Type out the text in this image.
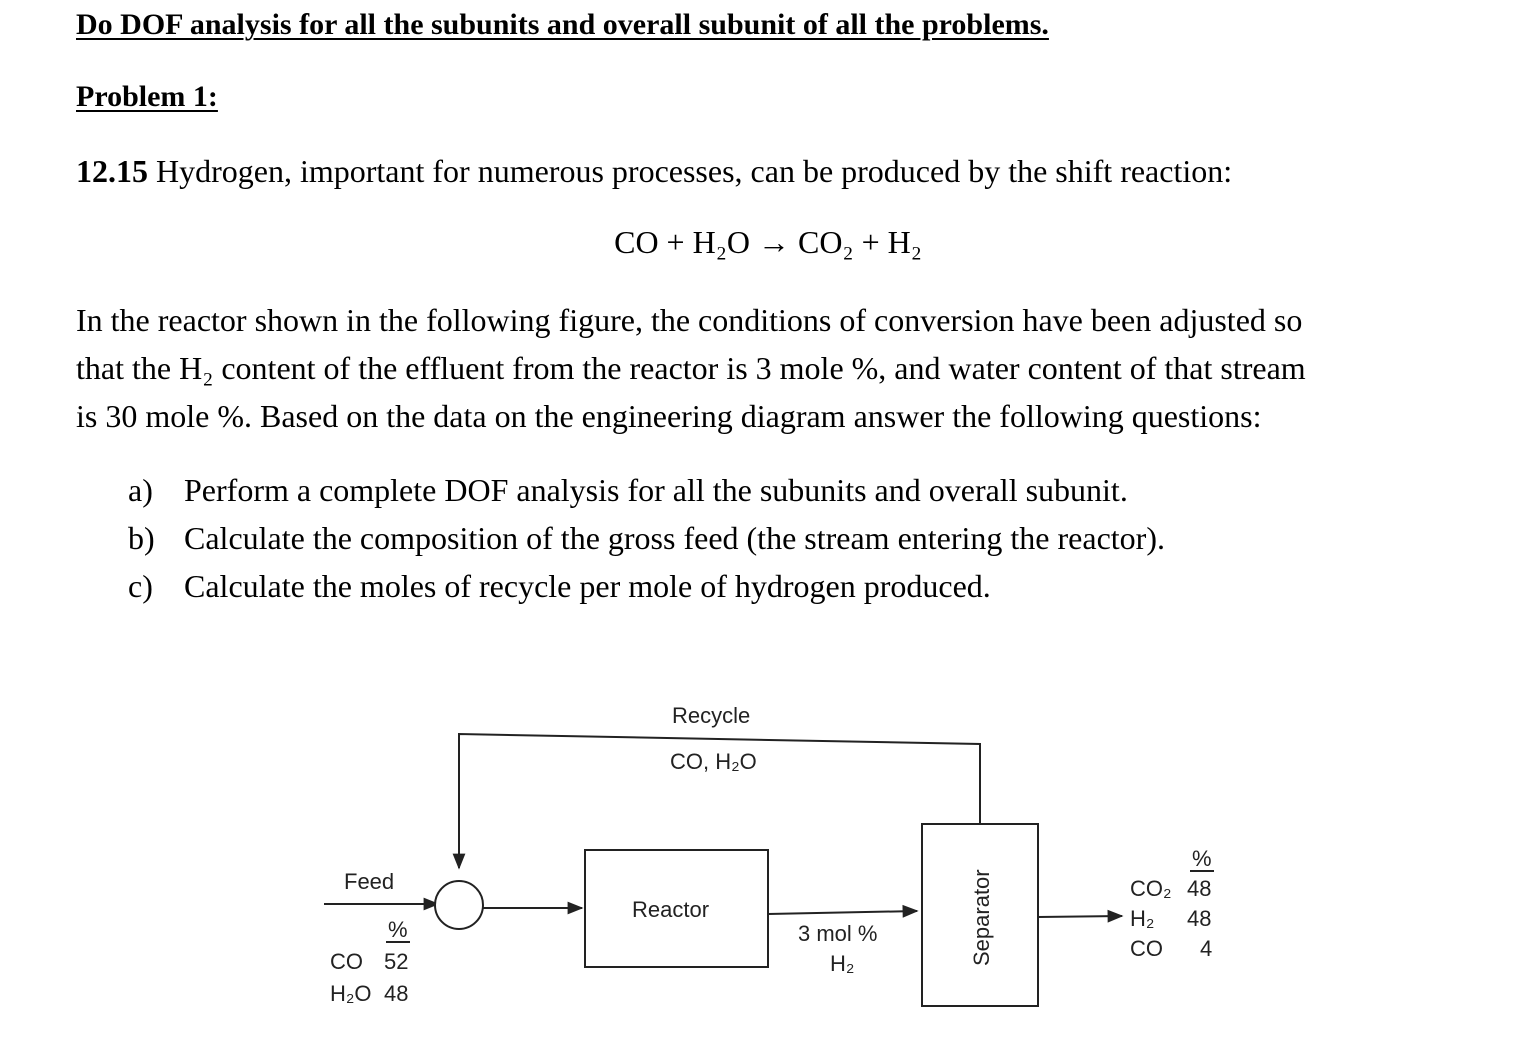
Do DOF analysis for all the subunits and overall subunit of all the problems.
Problem 1:
12.15 Hydrogen, important for numerous processes, can be produced by the shift reaction:
CO + H₂O → CO₂ + H₂
In the reactor shown in the following figure, the conditions of conversion have been adjusted so
that the H₂ content of the effluent from the reactor is 3 mole %, and water content of that stream
is 30 mole %. Based on the data on the engineering diagram answer the following questions:
a) Perform a complete DOF analysis for all the subunits and overall subunit.
b) Calculate the composition of the gross feed (the stream entering the reactor).
c) Calculate the moles of recycle per mole of hydrogen produced.
Recycle
CO, H₂O
Feed
%
CO 52
H₂O 48
Reactor
3 mol %
H₂	Separator
%
CO₂ 48
H₂ 48
CO 4
